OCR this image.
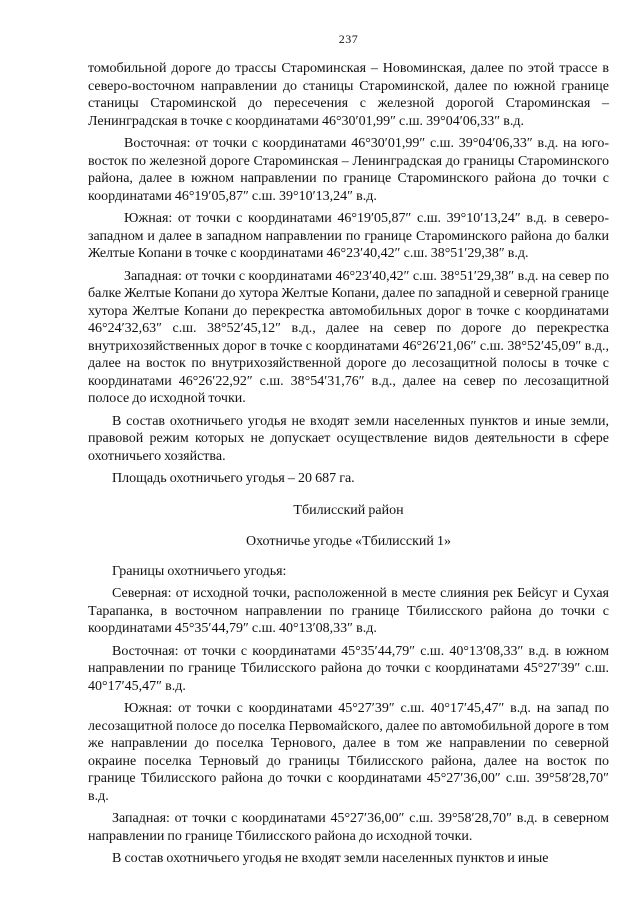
237

томобильной дороге до трассы Староминская – Новоминская, далее по этой трассе в северо-восточном направлении до станицы Староминской, далее по южной границе станицы Староминской до пересечения с железной дорогой Староминская – Ленинградская в точке с координатами 46°30′01,99″ с.ш. 39°04′06,33″ в.д.

Восточная: от точки с координатами 46°30′01,99″ с.ш. 39°04′06,33″ в.д. на юго-восток по железной дороге Староминская – Ленинградская до границы Староминского района, далее в южном направлении по границе Староминского района до точки с координатами 46°19′05,87″ с.ш. 39°10′13,24″ в.д.

Южная: от точки с координатами 46°19′05,87″ с.ш. 39°10′13,24″ в.д. в северо-западном и далее в западном направлении по границе Староминского района до балки Желтые Копани в точке с координатами 46°23′40,42″ с.ш. 38°51′29,38″ в.д.

Западная: от точки с координатами 46°23′40,42″ с.ш. 38°51′29,38″ в.д. на север по балке Желтые Копани до хутора Желтые Копани, далее по западной и северной границе хутора Желтые Копани до перекрестка автомобильных дорог в точке с координатами 46°24′32,63″ с.ш. 38°52′45,12″ в.д., далее на север по дороге до перекрестка внутрихозяйственных дорог в точке с координатами 46°26′21,06″ с.ш. 38°52′45,09″ в.д., далее на восток по внутрихозяйственной дороге до лесозащитной полосы в точке с координатами 46°26′22,92″ с.ш. 38°54′31,76″ в.д., далее на север по лесозащитной полосе до исходной точки.

В состав охотничьего угодья не входят земли населенных пунктов и иные земли, правовой режим которых не допускает осуществление видов деятельности в сфере охотничьего хозяйства.

Площадь охотничьего угодья – 20 687 га.

Тбилисский район

Охотничье угодье «Тбилисский 1»

Границы охотничьего угодья:

Северная: от исходной точки, расположенной в месте слияния рек Бейсуг и Сухая Тарапанка, в восточном направлении по границе Тбилисского района до точки с координатами 45°35′44,79″ с.ш. 40°13′08,33″ в.д.

Восточная: от точки с координатами 45°35′44,79″ с.ш. 40°13′08,33″ в.д. в южном направлении по границе Тбилисского района до точки с координатами 45°27′39″ с.ш. 40°17′45,47″ в.д.

Южная: от точки с координатами 45°27′39″ с.ш. 40°17′45,47″ в.д. на запад по лесозащитной полосе до поселка Первомайского, далее по автомобильной дороге в том же направлении до поселка Тернового, далее в том же направлении по северной окраине поселка Терновый до границы Тбилисского района, далее на восток по границе Тбилисского района до точки с координатами 45°27′36,00″ с.ш. 39°58′28,70″ в.д.

Западная: от точки с координатами 45°27′36,00″ с.ш. 39°58′28,70″ в.д. в северном направлении по границе Тбилисского района до исходной точки.

В состав охотничьего угодья не входят земли населенных пунктов и иные
